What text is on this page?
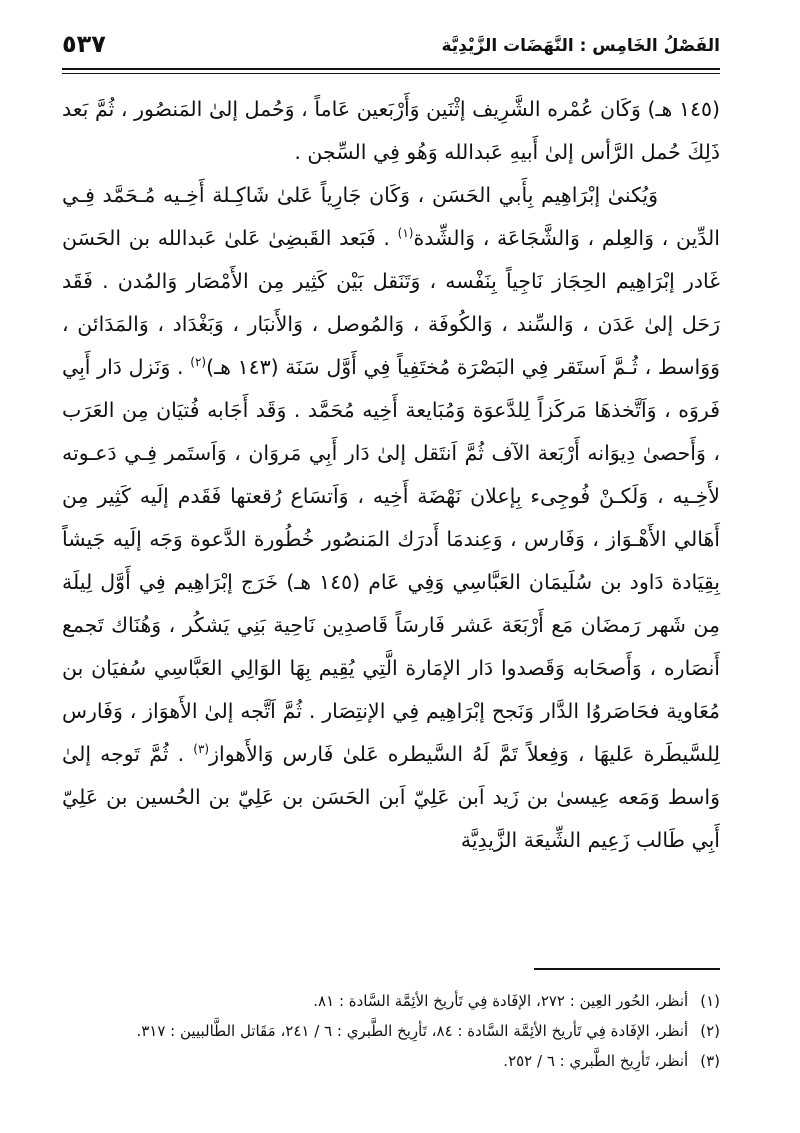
الفَصْلُ الخَامِس : النَّهَضَات الزَّيْدِيَّة
٥٣٧

(١٤٥ هـ) وَكَان عُمْره الشَّرِيف إثْنَين وَأَرْبَعين عَاماً ، وَحُمل إلىٰ المَنصُور ، ثُمَّ بَعد ذَلِكَ حُمل الرَّأس إلىٰ أَبيهِ عَبدالله وَهُو فِي السِّجن .

وَيُكنىٰ إبْرَاهِيم بِأَبي الحَسَن ، وَكَان جَارِياً عَلىٰ شَاكِـلة أَخِـيه مُـحَمَّد فِـي الدِّين ، وَالعِلم ، وَالشَّجَاعَة ، وَالشِّدة$^{(١)}$ . فَبَعد القَبضِىٰ عَلىٰ عَبدالله بن الحَسَن غَادر إبْرَاهِيم الحِجَاز نَاجِياً بِنَفْسه ، وَتَنَقل بَيْن كَثِير مِن الأَمْصَار وَالمُدن . فَقَد رَحَل إلىٰ عَدَن ، وَالسِّند ، وَالكُوفَة ، وَالمُوصل ، وَالأَنبَار ، وَبَغْدَاد ، وَالمَدَائن ، وَوَاسط ، ثُـمَّ اَستَقر فِي البَصْرَة مُختَفِياً فِي أَوَّل سَنَة (١٤٣ هـ)$^{(٢)}$ . وَنَزل دَار أَبِي فَروَه ، وَاَتَّخذهَا مَركَزاً لِلدَّعوَة وَمُبَايعة أَخِيه مُحَمَّد . وَقَد أَجَابه فُتيَان مِن العَرَب ، وَأَحصىٰ دِيوَانه أَرْبَعة الآف ثُمَّ اَنتَقل إلىٰ دَار أَبِي مَروَان ، وَاَستَمر فِـي دَعـوته لأَخِـيه ، وَلَكـنْ فُوجِىء بِإعلان نَهْضَة أَخِيه ، وَاَتسَاع رُقعتها فَقَدم إلَيه كَثِير مِن أَهَالي الأَهْـوَاز ، وَفَارس ، وَعِندمَا أَدرَك المَنصُور خُطُورة الدَّعوة وَجَه إلَيه جَيشاً بِقِيَادة دَاود بن سُلَيمَان العَبَّاسِي وَفِي عَام (١٤٥ هـ) خَرَج إبْرَاهِيم فِي أَوَّل لِيلَة مِن شَهر رَمضَان مَع أَرْبَعَة عَشر فَارسَاً قَاصدِين نَاحِية بَنِي يَشكُر ، وَهُنَاك تَجمع أَنصَاره ، وَأَصحَابه وَقَصدوا دَار الإمَارة الَّتِي يُقِيم بِهَا الوَالِي العَبَّاسِي سُفيَان بن مُعَاوية فحَاصَروُا الدَّار وَنَجح إبْرَاهِيم فِي الإنتِصَار . ثُمَّ اَتَّجه إلىٰ الأَهوَاز ، وَفَارس لِلسَّيطَرة عَليهَا ، وَفِعلاً تَمَّ لَهُ السَّيطره عَلىٰ فَارس وَالأَهواز$^{(٣)}$ . ثُمَّ تَوجه إلىٰ وَاسط وَمَعه عِيسىٰ بن زَيد اَبن عَلِيّ اَبن الحَسَن بن عَلِيّ بن الحُسين بن عَلِيّ أَبِي طَالب زَعِيم الشِّيعَة الزَّيدِيَّة

(١)أنظر، الحُور العِين : ٢٧٢، الإفَادة فِي تَأريخ الأئِمَّة السَّادة : ٨١.

(٢)أنظر، الإفَادة فِي تَأريخ الأئِمَّة السَّادة : ٨٤، تَأرِيخ الطَّبري : ٦ / ٢٤١، مَقَاتل الطَّالبيين : ٣١٧.

(٣)أنظر، تَأرِيخ الطَّبري : ٦ / ٢٥٢.
